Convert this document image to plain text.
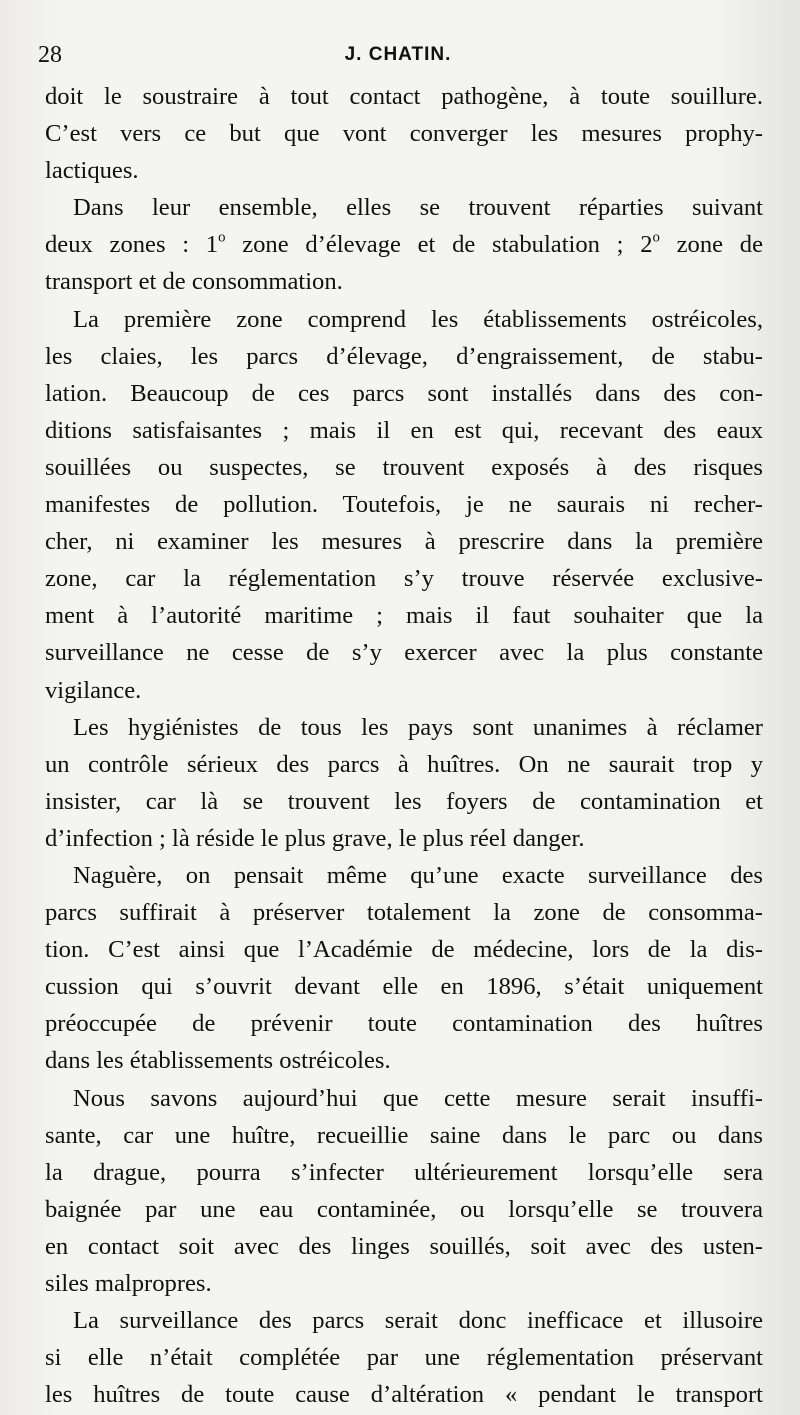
28	J. CHATIN.
doit le soustraire à tout contact pathogène, à toute souillure.
C’est vers ce but que vont converger les mesures prophy-
lactiques.
Dans leur ensemble, elles se trouvent réparties suivant
deux zones : 1$^o$ zone d’élevage et de stabulation ; 2$^o$ zone de
transport et de consommation.
La première zone comprend les établissements ostréicoles,
les claies, les parcs d’élevage, d’engraissement, de stabu-
lation. Beaucoup de ces parcs sont installés dans des con-
ditions satisfaisantes ; mais il en est qui, recevant des eaux
souillées ou suspectes, se trouvent exposés à des risques
manifestes de pollution. Toutefois, je ne saurais ni recher-
cher, ni examiner les mesures à prescrire dans la première
zone, car la réglementation s’y trouve réservée exclusive-
ment à l’autorité maritime ; mais il faut souhaiter que la
surveillance ne cesse de s’y exercer avec la plus constante
vigilance.
Les hygiénistes de tous les pays sont unanimes à réclamer
un contrôle sérieux des parcs à huîtres. On ne saurait trop y
insister, car là se trouvent les foyers de contamination et
d’infection ; là réside le plus grave, le plus réel danger.
Naguère, on pensait même qu’une exacte surveillance des
parcs suffirait à préserver totalement la zone de consomma-
tion. C’est ainsi que l’Académie de médecine, lors de la dis-
cussion qui s’ouvrit devant elle en 1896, s’était uniquement
préoccupée de prévenir toute contamination des huîtres
dans les établissements ostréicoles.
Nous savons aujourd’hui que cette mesure serait insuffi-
sante, car une huître, recueillie saine dans le parc ou dans
la drague, pourra s’infecter ultérieurement lorsqu’elle sera
baignée par une eau contaminée, ou lorsqu’elle se trouvera
en contact soit avec des linges souillés, soit avec des usten-
siles malpropres.
La surveillance des parcs serait donc inefficace et illusoire
si elle n’était complétée par une réglementation préservant
les huîtres de toute cause d’altération « pendant le transport
